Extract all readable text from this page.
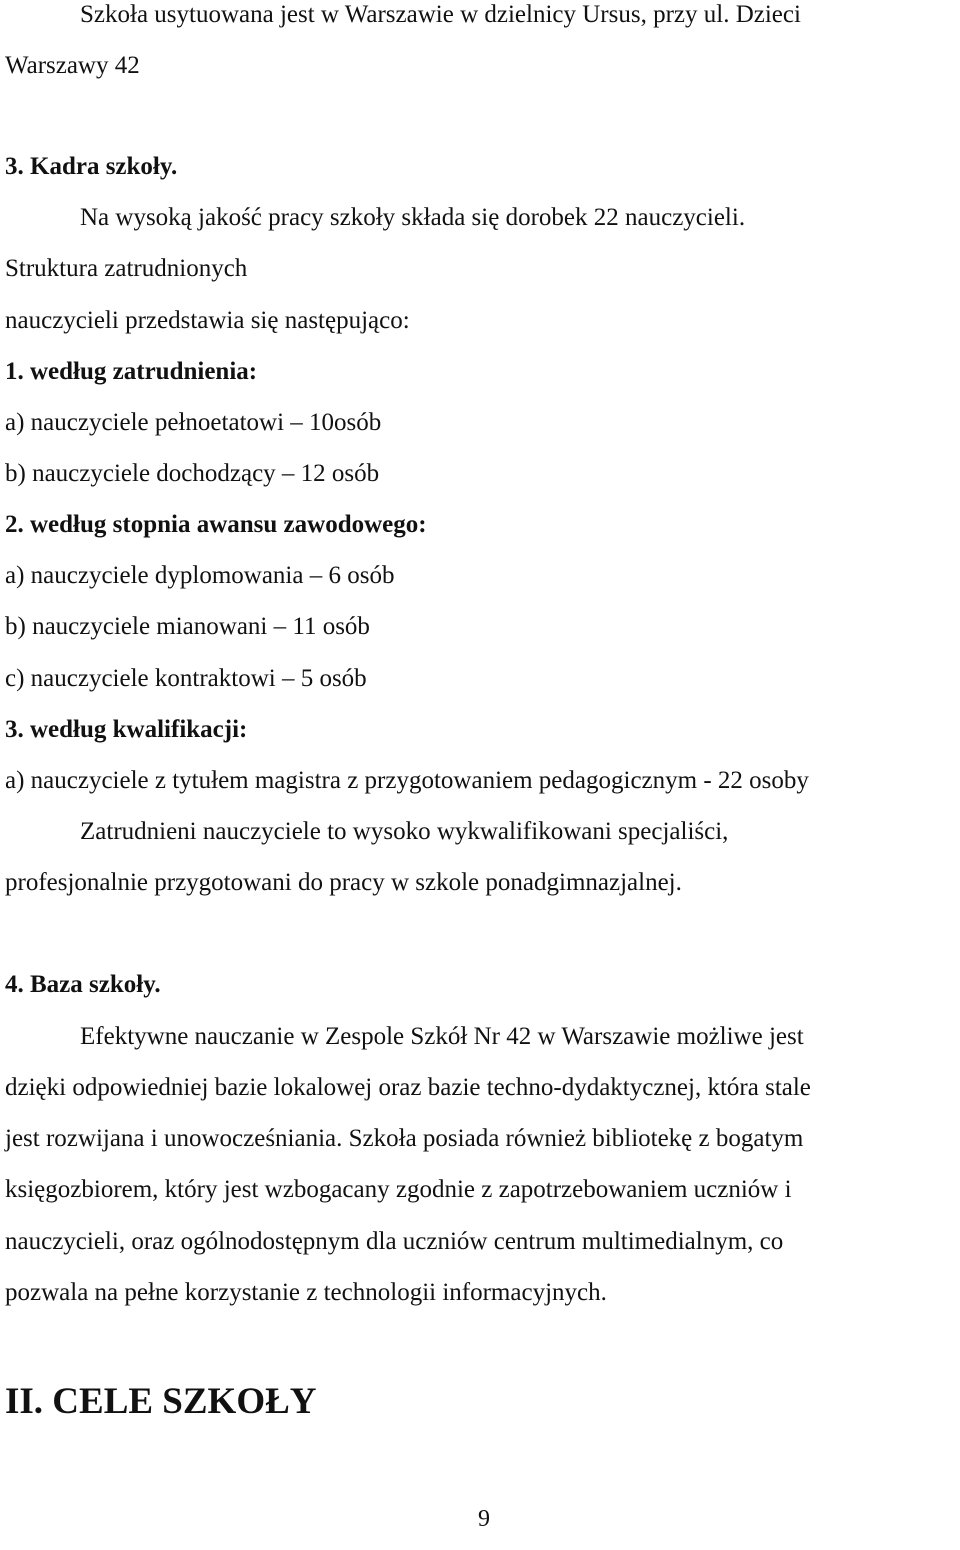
Szkoła usytuowana jest w Warszawie w dzielnicy Ursus, przy ul. Dzieci
Warszawy 42
3. Kadra szkoły.
Na wysoką jakość pracy szkoły składa się dorobek 22 nauczycieli.
Struktura zatrudnionych
nauczycieli przedstawia się następująco:
1. według zatrudnienia:
a) nauczyciele pełnoetatowi – 10osób
b) nauczyciele dochodzący – 12 osób
2. według stopnia awansu zawodowego:
a) nauczyciele dyplomowania – 6 osób
b) nauczyciele mianowani – 11 osób
c) nauczyciele kontraktowi – 5 osób
3. według kwalifikacji:
a) nauczyciele z tytułem magistra z przygotowaniem pedagogicznym - 22 osoby
Zatrudnieni nauczyciele to wysoko wykwalifikowani specjaliści,
profesjonalnie przygotowani do pracy w szkole ponadgimnazjalnej.
4. Baza szkoły.
Efektywne nauczanie w Zespole Szkół Nr 42 w Warszawie możliwe jest
dzięki odpowiedniej bazie lokalowej oraz bazie techno-dydaktycznej, która stale
jest rozwijana i unowocześniania. Szkoła posiada również bibliotekę z bogatym
księgozbiorem, który jest wzbogacany zgodnie z zapotrzebowaniem uczniów i
nauczycieli, oraz ogólnodostępnym dla uczniów centrum multimedialnym, co
pozwala na pełne korzystanie z technologii informacyjnych.
II. CELE SZKOŁY
9
